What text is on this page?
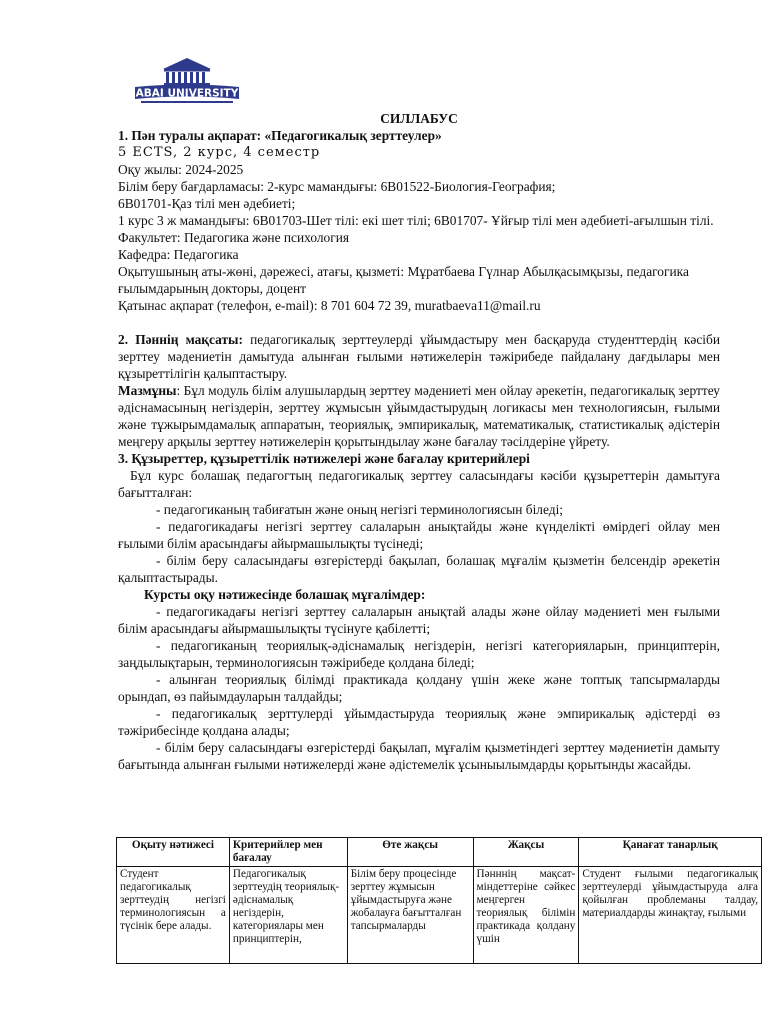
ABAI UNIVERSITY

СИЛЛАБУС

1. Пән туралы ақпарат: «Педагогикалық зерттеулер»

5 ECTS, 2 курс, 4 семестр

Оқу жылы: 2024-2025

Білім беру бағдарламасы: 2-курс мамандығы: 6В01522-Биология-География;

6В01701-Қаз тілі мен әдебиеті;

1 курс 3 ж мамандығы: 6В01703-Шет тілі: екі шет тілі; 6В01707- Ұйғыр тілі мен әдебиеті-ағылшын тілі.

Факультет: Педагогика және психология

Кафедра: Педагогика

Оқытушының аты-жөні, дәрежесі, атағы, қызметі: Мұратбаева Гүлнар Абылқасымқызы, педагогика ғылымдарының докторы, доцент

Қатынас ақпарат (телефон, e-mail): 8 701 604 72 39, muratbaeva11@mail.ru

2. Пәннің мақсаты: педагогикалық зерттеулерді ұйымдастыру мен басқаруда студенттердің кәсіби зерттеу мәдениетін дамытуда алынған ғылыми нәтижелерін тәжірибеде пайдалану дағдылары мен құзыреттілігін қалыптастыру.

Мазмұны: Бұл модуль білім алушылардың зерттеу мәдениеті мен ойлау әрекетін, педагогикалық зерттеу әдіснамасының негіздерін, зерттеу жұмысын ұйымдастырудың логикасы мен технологиясын, ғылыми және тұжырымдамалық аппаратын, теориялық, эмпирикалық, математикалық, статистикалық әдістерін меңгеру арқылы зерттеу нәтижелерін қорытындылау және бағалау тәсілдеріне үйрету.

3. Құзыреттер, құзыреттілік нәтижелері және бағалау критерийлері

Бұл курс болашақ педагогтың педагогикалық зерттеу саласындағы кәсіби құзыреттерін дамытуға бағытталған:

- педагогиканың табиғатын және оның негізгі терминологиясын біледі;

- педагогикадағы негізгі зерттеу салаларын анықтайды және күнделікті өмірдегі ойлау мен ғылыми білім арасындағы айырмашылықты түсінеді;

- білім беру саласындағы өзгерістерді бақылап, болашақ мұғалім қызметін белсендір әрекетін қалыптастырады.

Курсты оқу нәтижесінде болашақ мұғалімдер:

- педагогикадағы негізгі зерттеу салаларын анықтай алады және ойлау мәдениеті мен ғылыми білім арасындағы айырмашылықты түсінуге қабілетті;

- педагогиканың теориялық-әдіснамалық негіздерін, негізгі категорияларын, принциптерін, заңдылықтарын, терминологиясын тәжірибеде қолдана біледі;

- алынған теориялық білімді практикада қолдану үшін жеке және топтық тапсырмаларды орындап, өз пайымдауларын талдайды;

- педагогикалық зерттулерді ұйымдастыруда теориялық және эмпирикалық әдістерді өз тәжірибесінде қолдана алады;

- білім беру саласындағы өзгерістерді бақылап, мұғалім қызметіндегі зерттеу мәдениетін дамыту бағытында алынған ғылыми нәтижелерді және әдістемелік ұсыныылымдарды қорытынды жасайды.

Оқыту нәтижесі	Критерийлер мен бағалау	Өте жақсы	Жақсы	Қанағат танарлық
Студент педагогикалық зерттеудің негізгі терминологиясын а түсінік бере алады.	Педагогикалық зерттеудің теориялық-әдіснамалық негіздерін, категориялары мен принциптерін,	Білім беру процесінде зерттеу жұмысын ұйымдастыруға және жобалауға бағытталған тапсырмаларды	Пәнннің мақсат-міндеттеріне сәйкес меңгерген теориялық білімін практикада қолдану үшін	Студент ғылыми педагогикалық зерттеулерді ұйымдастыруда алға қойылған проблеманы талдау, материалдарды жинақтау, ғылыми
